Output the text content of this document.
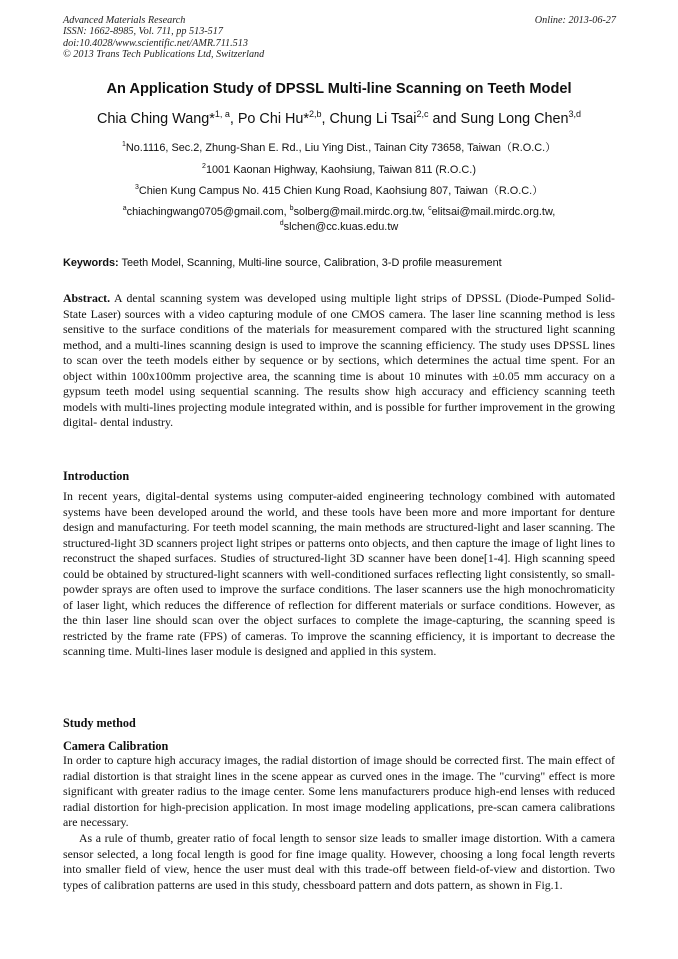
Advanced Materials Research
ISSN: 1662-8985, Vol. 711, pp 513-517
doi:10.4028/www.scientific.net/AMR.711.513
© 2013 Trans Tech Publications Ltd, Switzerland
Online: 2013-06-27
An Application Study of DPSSL Multi-line Scanning on Teeth Model
Chia Ching Wang*$^{1, a}$, Po Chi Hu*$^{2,b}$, Chung Li Tsai$^{2,c}$ and Sung Long Chen$^{3,d}$
$^1$No.1116, Sec.2, Zhung-Shan E. Rd., Liu Ying Dist., Tainan City 73658, Taiwan（R.O.C.）
$^2$1001 Kaonan Highway, Kaohsiung, Taiwan 811 (R.O.C.)
$^3$Chien Kung Campus No. 415 Chien Kung Road, Kaohsiung 807, Taiwan（R.O.C.）
$^a$chiachingwang0705@gmail.com, $^b$solberg@mail.mirdc.org.tw, $^c$elitsai@mail.mirdc.org.tw,
$^d$slchen@cc.kuas.edu.tw
Keywords: Teeth Model, Scanning, Multi-line source, Calibration, 3-D profile measurement
Abstract. A dental scanning system was developed using multiple light strips of DPSSL (Diode-Pumped Solid-State Laser) sources with a video capturing module of one CMOS camera. The laser line scanning method is less sensitive to the surface conditions of the materials for measurement compared with the structured light scanning method, and a multi-lines scanning design is used to improve the scanning efficiency. The study uses DPSSL lines to scan over the teeth models either by sequence or by sections, which determines the actual time spent. For an object within 100x100mm projective area, the scanning time is about 10 minutes with ±0.05 mm accuracy on a gypsum teeth model using sequential scanning. The results show high accuracy and efficiency scanning teeth models with multi-lines projecting module integrated within, and is possible for further improvement in the growing digital- dental industry.
Introduction
In recent years, digital-dental systems using computer-aided engineering technology combined with automated systems have been developed around the world, and these tools have been more and more important for denture design and manufacturing. For teeth model scanning, the main methods are structured-light and laser scanning. The structured-light 3D scanners project light stripes or patterns onto objects, and then capture the image of light lines to reconstruct the shaped surfaces. Studies of structured-light 3D scanner have been done[1-4]. High scanning speed could be obtained by structured-light scanners with well-conditioned surfaces reflecting light consistently, so small-powder sprays are often used to improve the surface conditions. The laser scanners use the high monochromaticity of laser light, which reduces the difference of reflection for different materials or surface conditions. However, as the thin laser line should scan over the object surfaces to complete the image-capturing, the scanning speed is restricted by the frame rate (FPS) of cameras. To improve the scanning efficiency, it is important to decrease the scanning time. Multi-lines laser module is designed and applied in this system.
Study method
Camera Calibration
In order to capture high accuracy images, the radial distortion of image should be corrected first. The main effect of radial distortion is that straight lines in the scene appear as curved ones in the image. The "curving" effect is more significant with greater radius to the image center. Some lens manufacturers produce high-end lenses with reduced radial distortion for high-precision application. In most image modeling applications, pre-scan camera calibrations are necessary.
As a rule of thumb, greater ratio of focal length to sensor size leads to smaller image distortion. With a camera sensor selected, a long focal length is good for fine image quality. However, choosing a long focal length reverts into smaller field of view, hence the user must deal with this trade-off between field-of-view and distortion. Two types of calibration patterns are used in this study, chessboard pattern and dots pattern, as shown in Fig.1.
